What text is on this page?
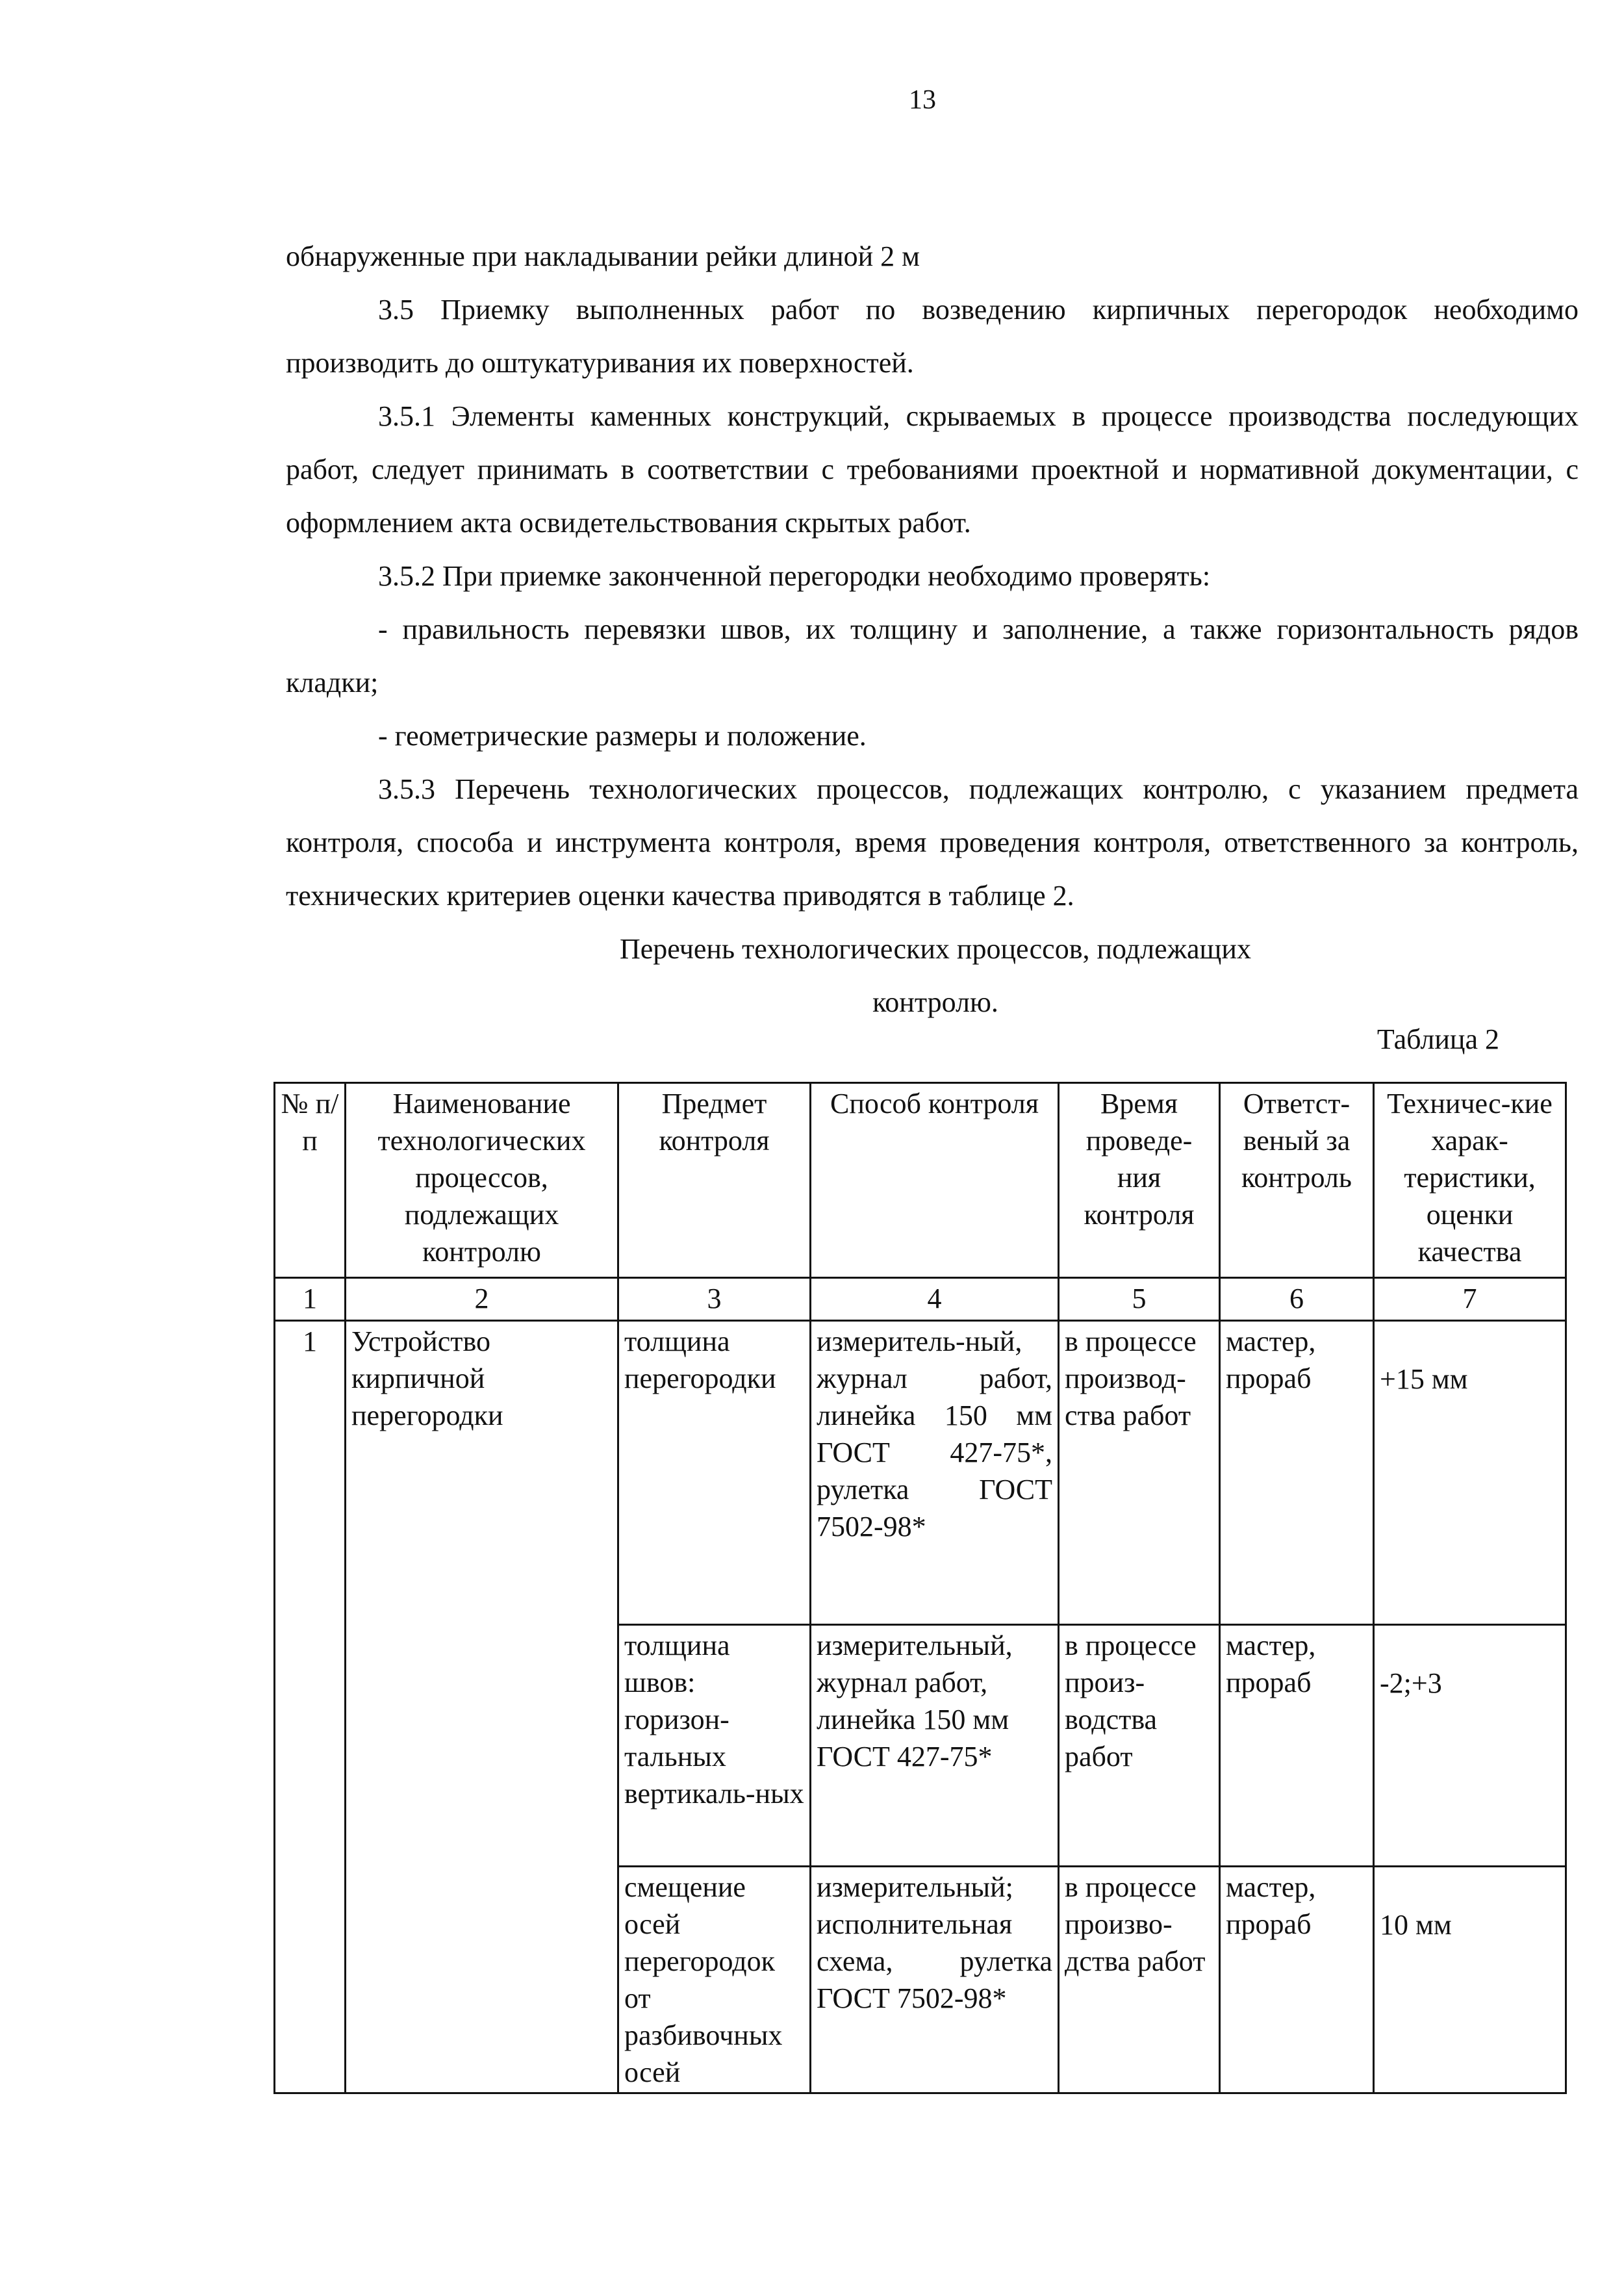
13

обнаруженные при накладывании рейки длиной 2 м

3.5 Приемку выполненных работ по возведению кирпичных перегородок необходимо производить до оштукатуривания их поверхностей.

3.5.1 Элементы каменных конструкций, скрываемых в процессе производства последующих работ, следует принимать в соответствии с требованиями проектной и нормативной документации, с оформлением акта освидетельствования скрытых работ.

3.5.2 При приемке законченной перегородки необходимо проверять:

- правильность перевязки швов, их толщину и заполнение, а также горизонтальность рядов кладки;

- геометрические размеры и положение.

3.5.3 Перечень технологических процессов, подлежащих контролю, с указанием предмета контроля, способа и инструмента контроля, время проведения контроля, ответственного за контроль, технических критериев оценки качества приводятся в таблице 2.

Перечень технологических процессов, подлежащих
контролю.
Таблица 2
№ п/п	Наименование технологических процессов, подлежащих контролю	Предмет контроля	Способ контроля	Время проведе-ния контроля	Ответст-веный за контроль	Техничес-кие харак-теристики, оценки качества
1	2	3	4	5	6	7
1	Устройство кирпичной перегородки	толщина перегородки	измеритель-ный, журнал работ, линейка 150 мм ГОСТ 427-75*, рулетка ГОСТ 7502-98*	в процессе производ-ства работ	мастер, прораб	+15 мм
		толщина швов: горизон-тальных вертикаль-ных	измерительный, журнал работ, линейка 150 мм ГОСТ 427-75*	в процессе произ-водства работ	мастер, прораб	-2;+3
		смещение осей перегородок от разбивочных осей	измерительный; исполнительная схема, рулетка ГОСТ 7502-98*	в процессе произво-дства работ	мастер, прораб	10 мм
